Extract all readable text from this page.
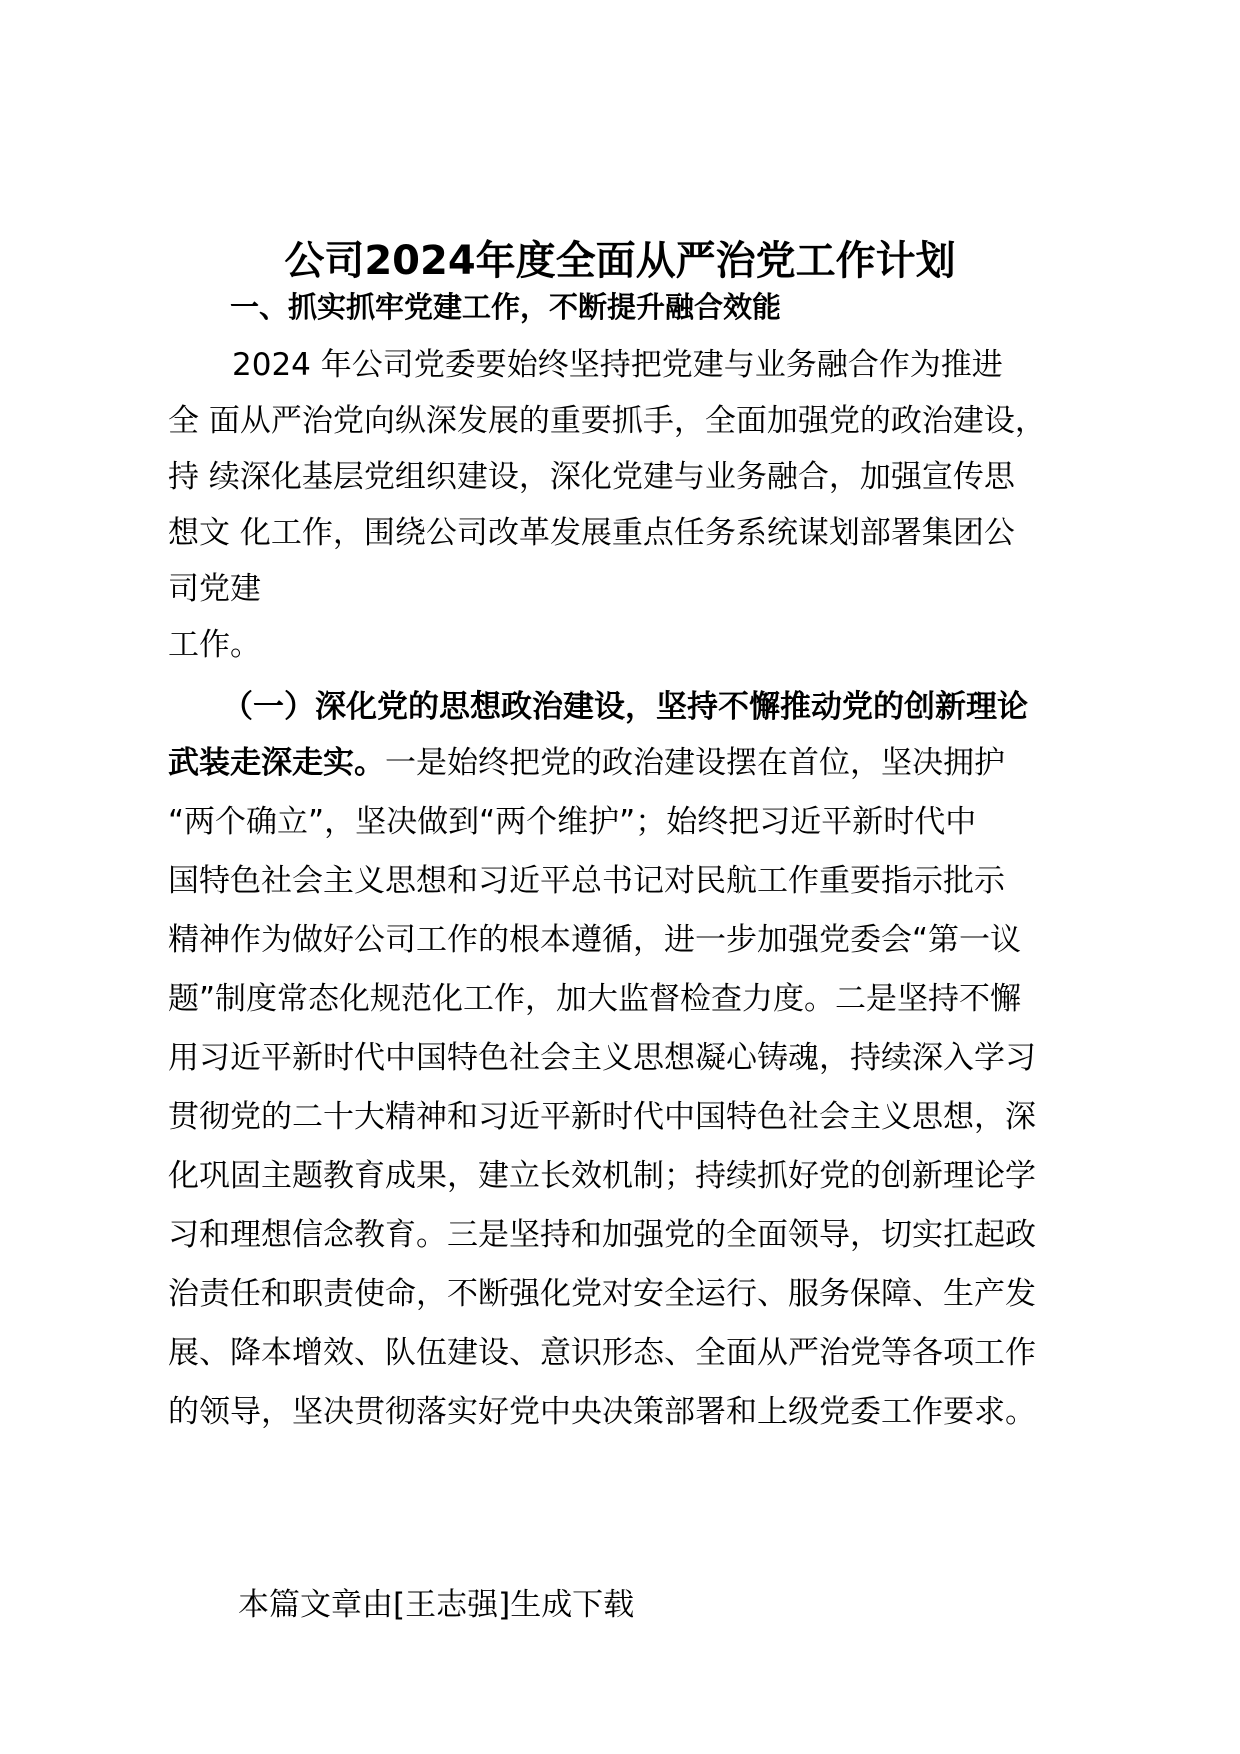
公司2024年度全面从严治党工作计划
一、抓实抓牢党建工作，不断提升融合效能
2024 年公司党委要始终坚持把党建与业务融合作为推进
全 面从严治党向纵深发展的重要抓手，全面加强党的政治建设，
持 续深化基层党组织建设，深化党建与业务融合，加强宣传思
想文 化工作，围绕公司改革发展重点任务系统谋划部署集团公
司党建
工作。
（一）深化党的思想政治建设，坚持不懈推动党的创新理论
武装走深走实。一是始终把党的政治建设摆在首位，坚决拥护
“两个确立”，坚决做到“两个维护”；始终把习近平新时代中
国特色社会主义思想和习近平总书记对民航工作重要指示批示
精神作为做好公司工作的根本遵循，进一步加强党委会“第一议
题”制度常态化规范化工作，加大监督检查力度。二是坚持不懈
用习近平新时代中国特色社会主义思想凝心铸魂，持续深入学习
贯彻党的二十大精神和习近平新时代中国特色社会主义思想，深
化巩固主题教育成果，建立长效机制；持续抓好党的创新理论学
习和理想信念教育。三是坚持和加强党的全面领导，切实扛起政
治责任和职责使命，不断强化党对安全运行、服务保障、生产发
展、降本增效、队伍建设、意识形态、全面从严治党等各项工作
的领导，坚决贯彻落实好党中央决策部署和上级党委工作要求。
本篇文章由[王志强]生成下载
